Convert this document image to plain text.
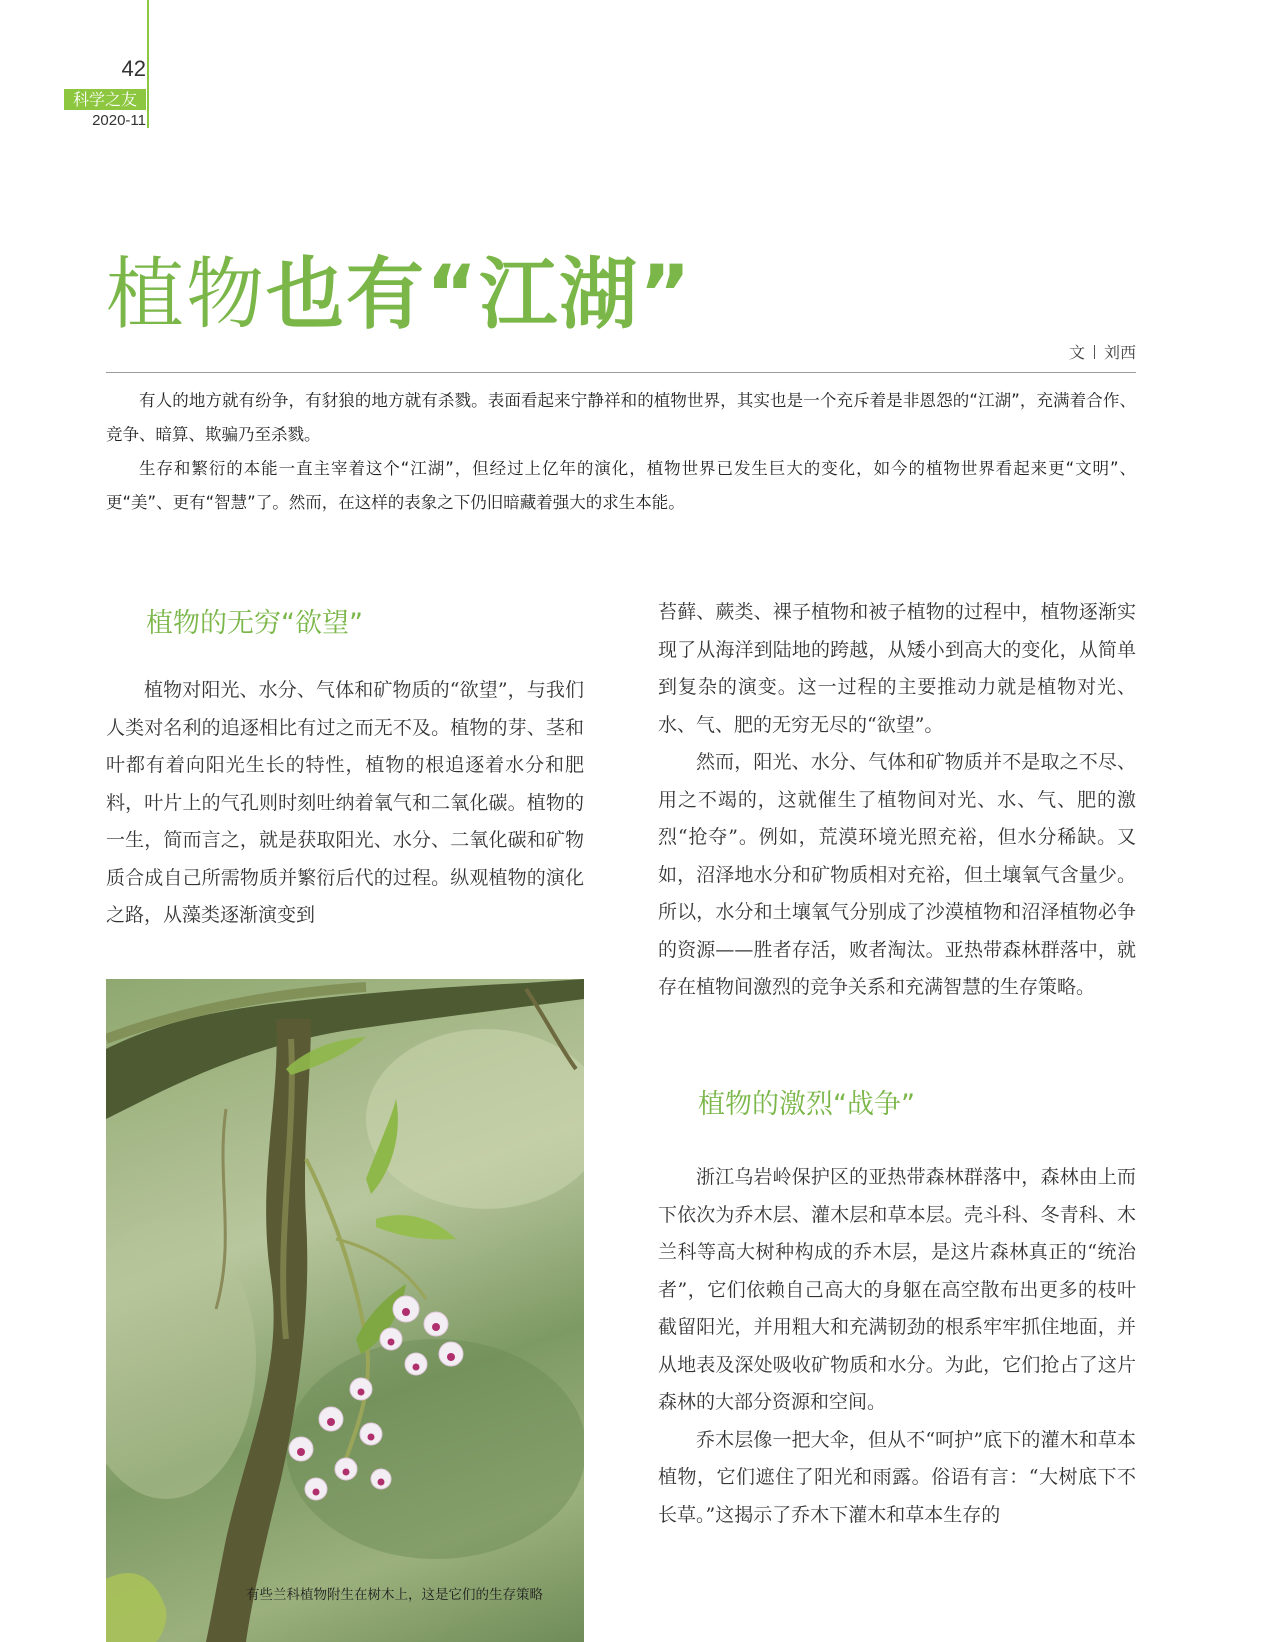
42
科学之友
2020-11
植物也有“江湖”
文 刘西

有人的地方就有纷争，有豺狼的地方就有杀戮。表面看起来宁静祥和的植物世界，其实也是一个充斥着是非恩怨的“江湖”，充满着合作、竞争、暗算、欺骗乃至杀戮。

生存和繁衍的本能一直主宰着这个“江湖”，但经过上亿年的演化，植物世界已发生巨大的变化，如今的植物世界看起来更“文明”、更“美”、更有“智慧”了。然而，在这样的表象之下仍旧暗藏着强大的求生本能。

植物的无穷“欲望”

植物对阳光、水分、气体和矿物质的“欲望”，与我们人类对名利的追逐相比有过之而无不及。植物的芽、茎和叶都有着向阳光生长的特性，植物的根追逐着水分和肥料，叶片上的气孔则时刻吐纳着氧气和二氧化碳。植物的一生，简而言之，就是获取阳光、水分、二氧化碳和矿物质合成自己所需物质并繁衍后代的过程。纵观植物的演化之路，从藻类逐渐演变到

有些兰科植物附生在树木上，这是它们的生存策略

苔藓、蕨类、裸子植物和被子植物的过程中，植物逐渐实现了从海洋到陆地的跨越，从矮小到高大的变化，从简单到复杂的演变。这一过程的主要推动力就是植物对光、水、气、肥的无穷无尽的“欲望”。

然而，阳光、水分、气体和矿物质并不是取之不尽、用之不竭的，这就催生了植物间对光、水、气、肥的激烈“抢夺”。例如，荒漠环境光照充裕，但水分稀缺。又如，沼泽地水分和矿物质相对充裕，但土壤氧气含量少。所以，水分和土壤氧气分别成了沙漠植物和沼泽植物必争的资源——胜者存活，败者淘汰。亚热带森林群落中，就存在植物间激烈的竞争关系和充满智慧的生存策略。

植物的激烈“战争”

浙江乌岩岭保护区的亚热带森林群落中，森林由上而下依次为乔木层、灌木层和草本层。壳斗科、冬青科、木兰科等高大树种构成的乔木层，是这片森林真正的“统治者”，它们依赖自己高大的身躯在高空散布出更多的枝叶截留阳光，并用粗大和充满韧劲的根系牢牢抓住地面，并从地表及深处吸收矿物质和水分。为此，它们抢占了这片森林的大部分资源和空间。

乔木层像一把大伞，但从不“呵护”底下的灌木和草本植物，它们遮住了阳光和雨露。俗语有言：“大树底下不长草。”这揭示了乔木下灌木和草本生存的
